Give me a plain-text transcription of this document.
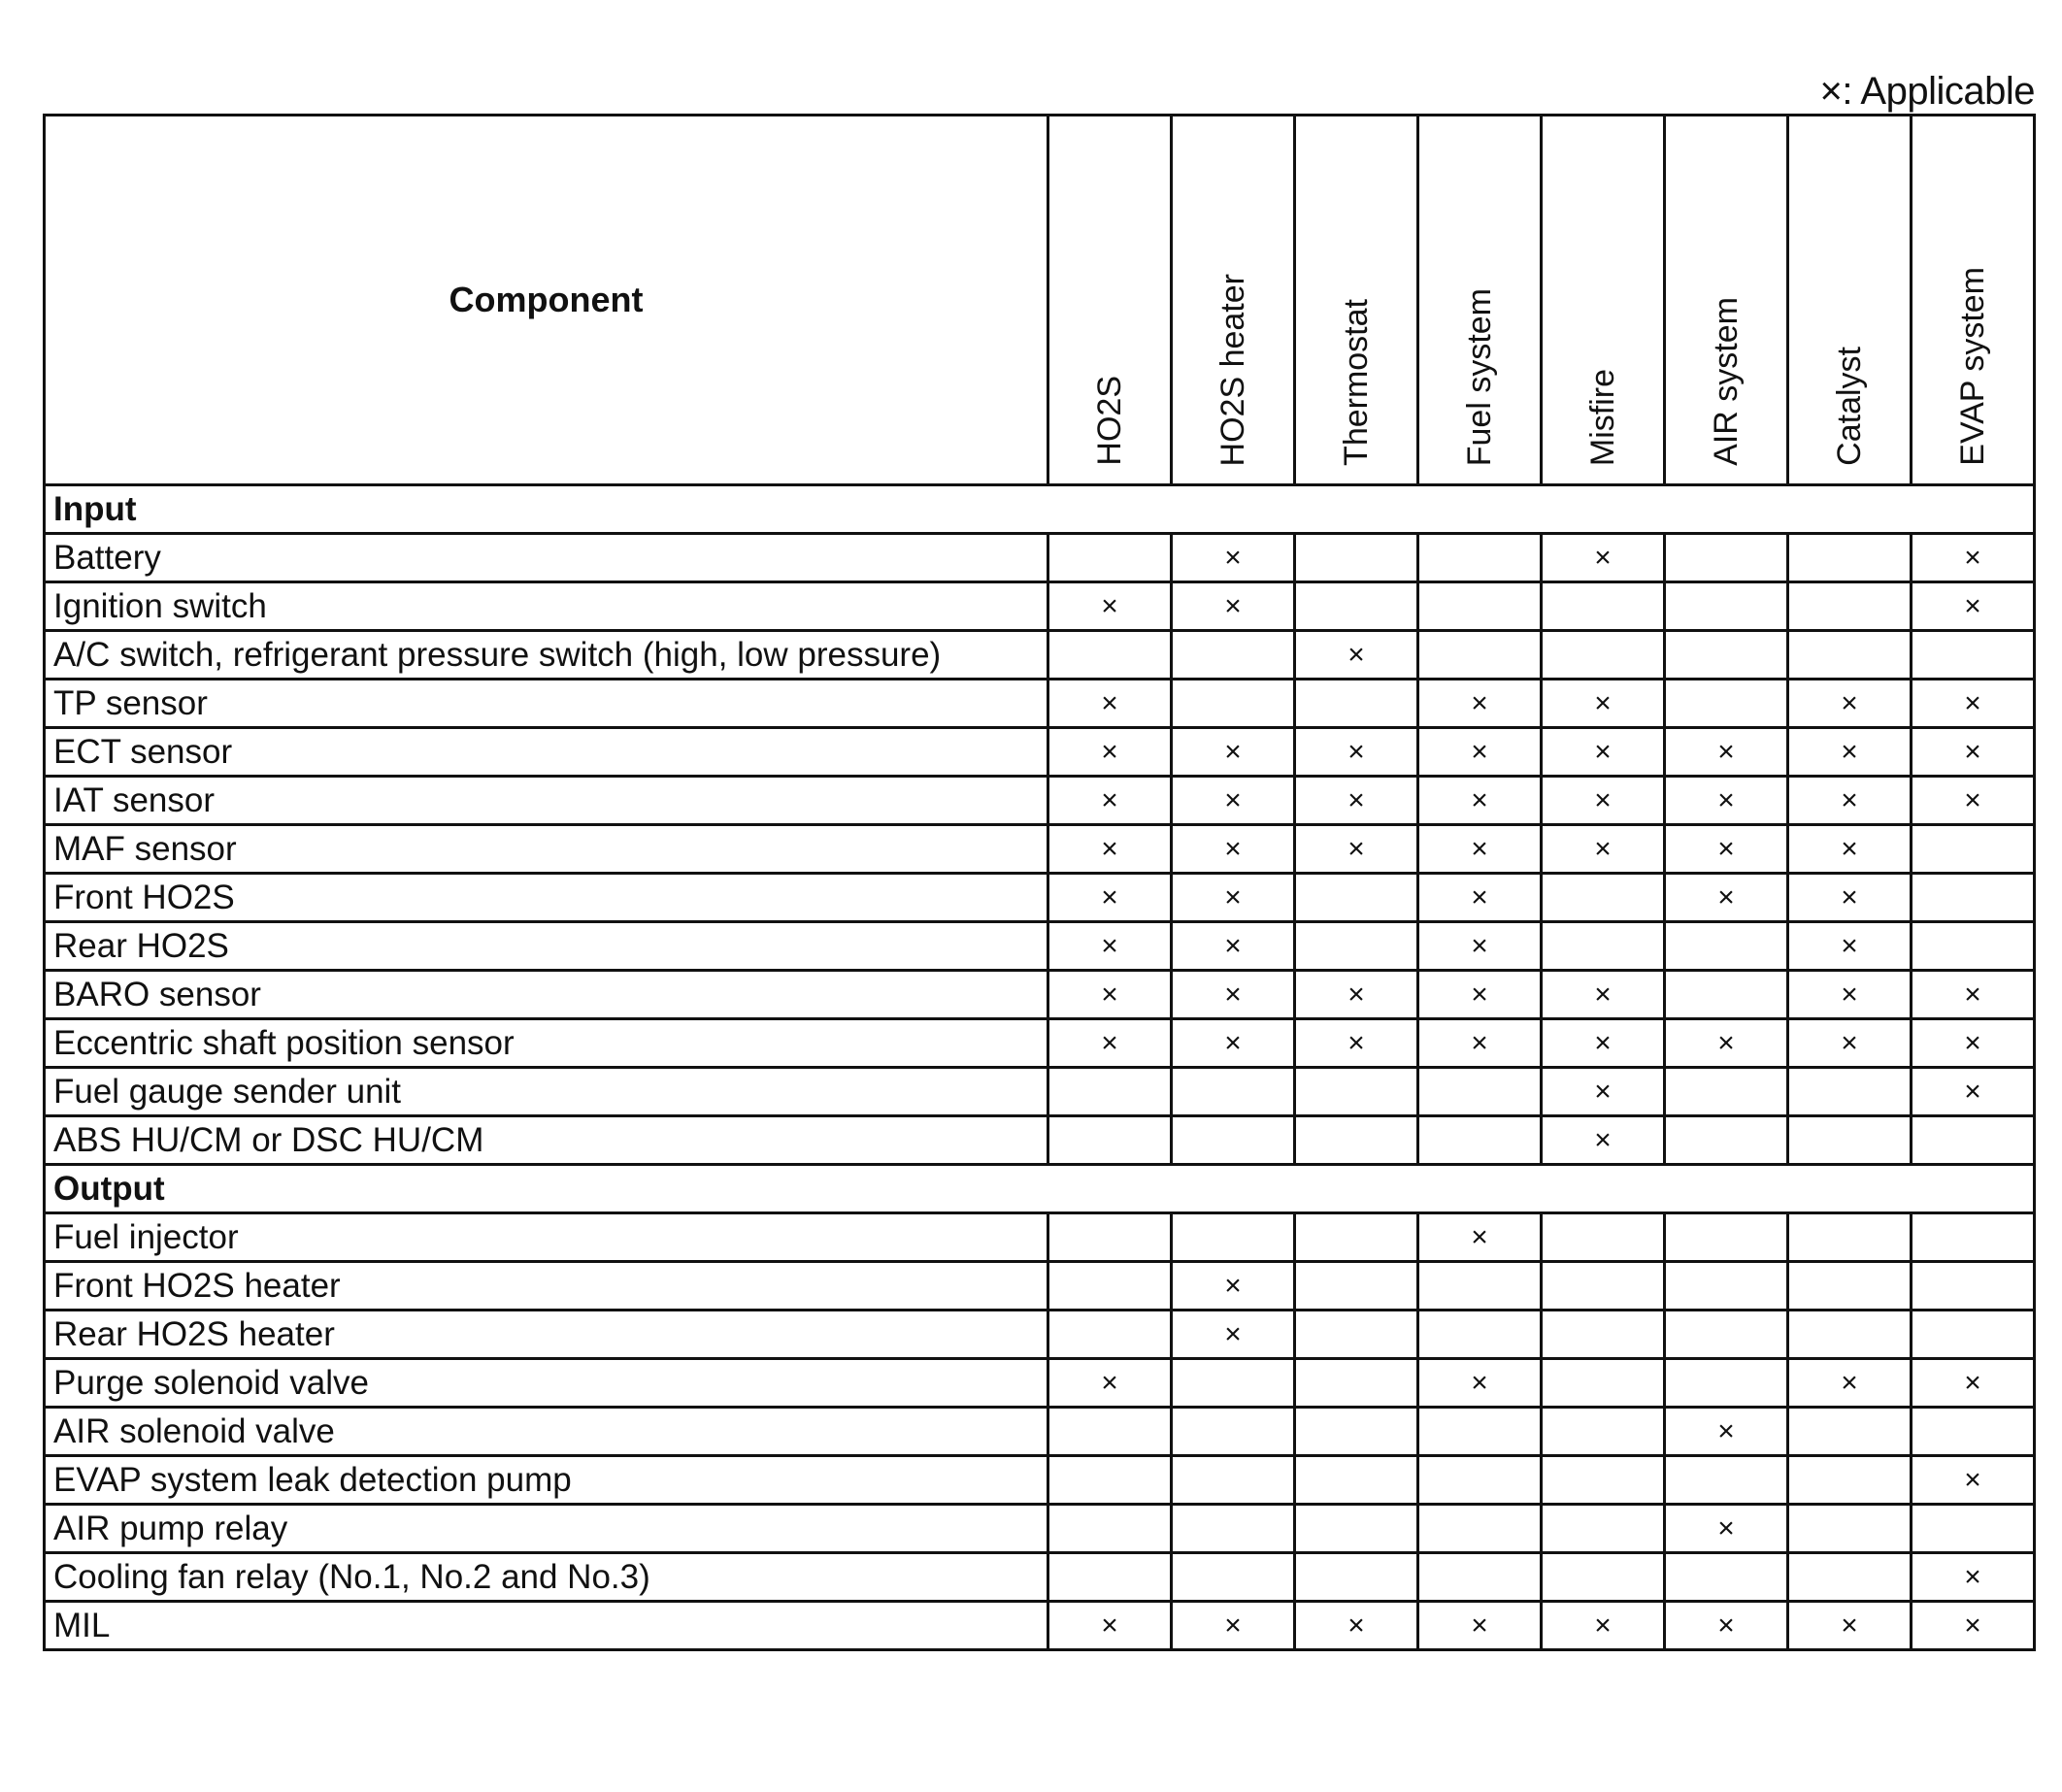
×: Applicable
Component	HO2S	HO2S heater	Thermostat	Fuel system	Misfire	AIR system	Catalyst	EVAP system

Input								
Battery		×			×			×
Ignition switch	×	×						×
A/C switch, refrigerant pressure switch (high, low pressure)			×					
TP sensor	×			×	×		×	×
ECT sensor	×	×	×	×	×	×	×	×
IAT sensor	×	×	×	×	×	×	×	×
MAF sensor	×	×	×	×	×	×	×	
Front HO2S	×	×		×		×	×	
Rear HO2S	×	×		×			×	
BARO sensor	×	×	×	×	×		×	×
Eccentric shaft position sensor	×	×	×	×	×	×	×	×
Fuel gauge sender unit					×			×
ABS HU/CM or DSC HU/CM					×			
Output								
Fuel injector				×				
Front HO2S heater		×						
Rear HO2S heater		×						
Purge solenoid valve	×			×			×	×
AIR solenoid valve						×		
EVAP system leak detection pump								×
AIR pump relay						×		
Cooling fan relay (No.1, No.2 and No.3)								×
MIL	×	×	×	×	×	×	×	×
